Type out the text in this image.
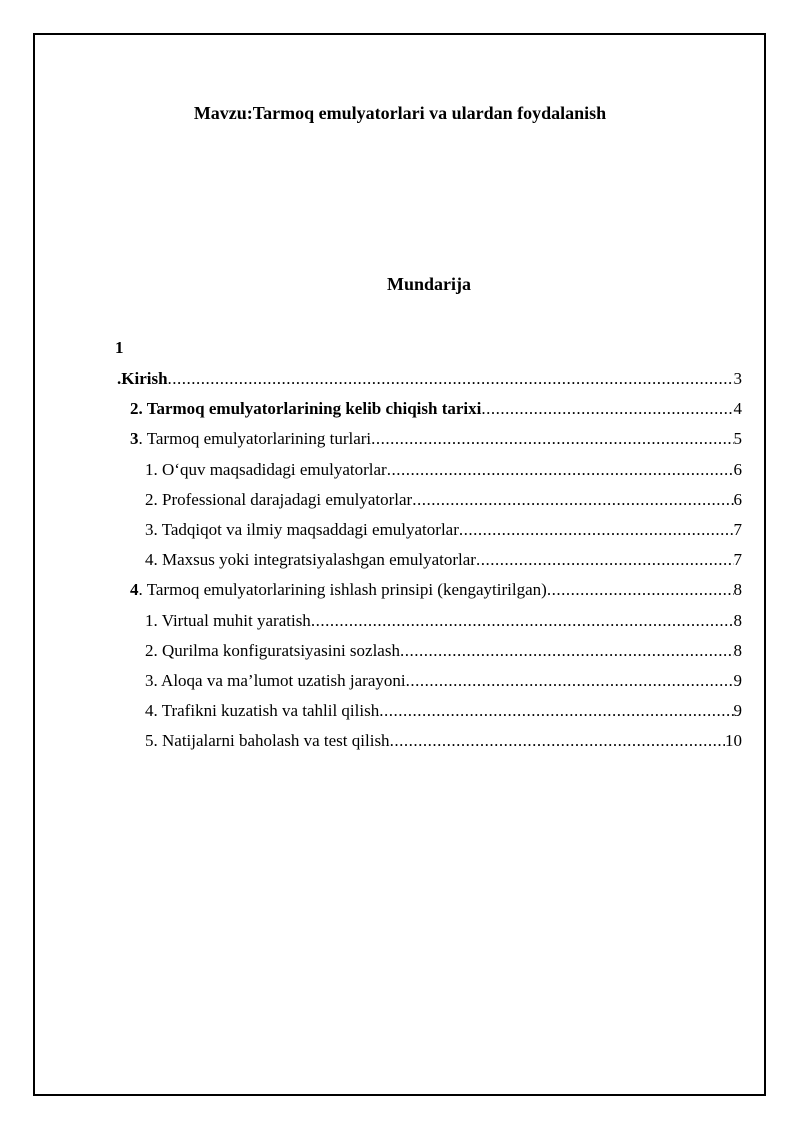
Mavzu:Tarmoq emulyatorlari va ulardan foydalanish
Mundarija
1
.Kirish .....	3
2. Tarmoq emulyatorlarining kelib chiqish tarixi .....	4
3. Tarmoq emulyatorlarining turlari .....	5
1. O‘quv maqsadidagi emulyatorlar .....	6
2. Professional darajadagi emulyatorlar .....	6
3. Tadqiqot va ilmiy maqsaddagi emulyatorlar .....	7
4. Maxsus yoki integratsiyalashgan emulyatorlar .....	7
4. Tarmoq emulyatorlarining ishlash prinsipi (kengaytirilgan) .....	8
1. Virtual muhit yaratish .....	8
2. Qurilma konfiguratsiyasini sozlash .....	8
3. Aloqa va ma’lumot uzatish jarayoni .....	9
4. Trafikni kuzatish va tahlil qilish .....	9
5. Natijalarni baholash va test qilish .....	10
